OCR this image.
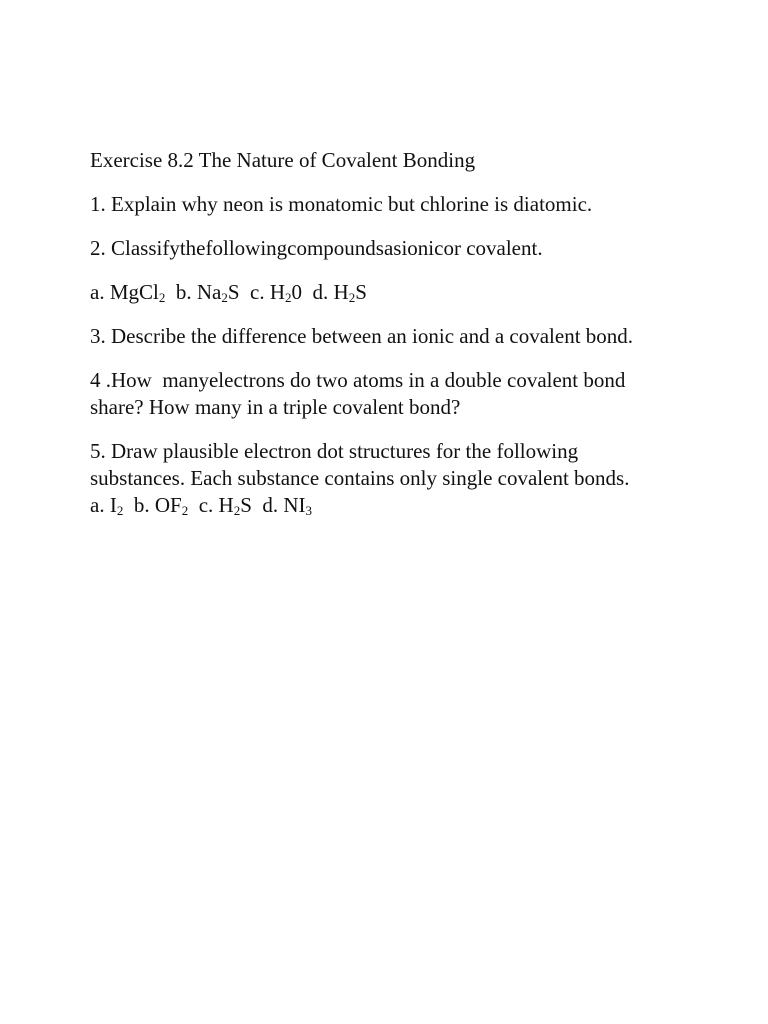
Exercise 8.2 The Nature of Covalent Bonding
1. Explain why neon is monatomic but chlorine is diatomic.
2. Classifythefollowingcompoundsasionicor covalent.
a. MgCl$_2$  b. $Na_2S$  c. $H_20$  d. $H_2S$
3. Describe the difference between an ionic and a covalent bond.
4 .How  manyelectrons do two atoms in a double covalent bond
share? How many in a triple covalent bond?
5. Draw plausible electron dot structures for the following
substances. Each substance contains only single covalent bonds.
a. $I_2$  b. $OF_2$  c. $H_2S$  d. $NI_3$
